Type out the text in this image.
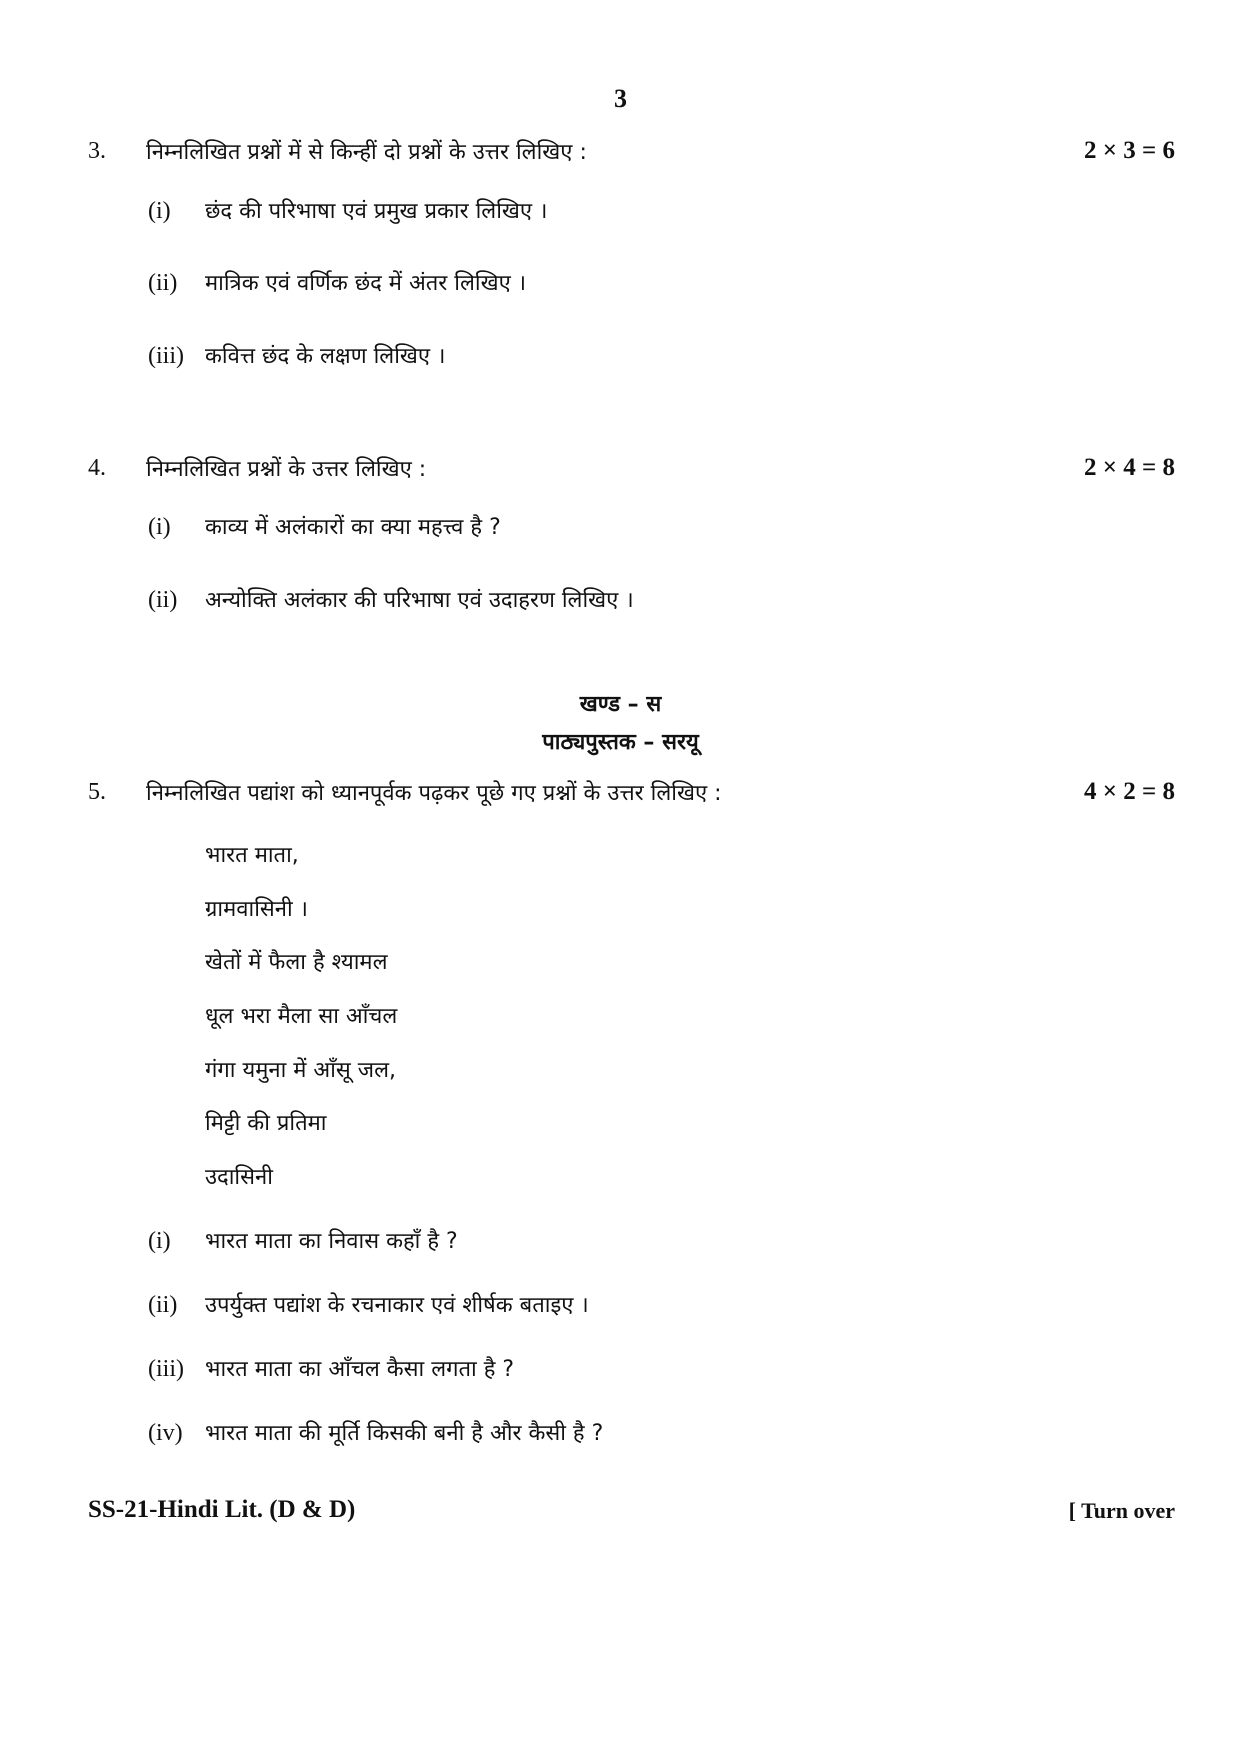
3
3. निम्नलिखित प्रश्नों में से किन्हीं दो प्रश्नों के उत्तर लिखिए :	2 × 3 = 6
(i) छंद की परिभाषा एवं प्रमुख प्रकार लिखिए ।
(ii) मात्रिक एवं वर्णिक छंद में अंतर लिखिए ।
(iii) कवित्त छंद के लक्षण लिखिए ।
4. निम्नलिखित प्रश्नों के उत्तर लिखिए :	2 × 4 = 8
(i) काव्य में अलंकारों का क्या महत्त्व है ?
(ii) अन्योक्ति अलंकार की परिभाषा एवं उदाहरण लिखिए ।
खण्ड – स
पाठ्यपुस्तक – सरयू
5. निम्नलिखित पद्यांश को ध्यानपूर्वक पढ़कर पूछे गए प्रश्नों के उत्तर लिखिए :	4 × 2 = 8
भारत माता,
ग्रामवासिनी ।
खेतों में फैला है श्यामल
धूल भरा मैला सा आँचल
गंगा यमुना में आँसू जल,
मिट्टी की प्रतिमा
उदासिनी
(i) भारत माता का निवास कहाँ है ?
(ii) उपर्युक्त पद्यांश के रचनाकार एवं शीर्षक बताइए ।
(iii) भारत माता का आँचल कैसा लगता है ?
(iv) भारत माता की मूर्ति किसकी बनी है और कैसी है ?
SS-21-Hindi Lit. (D & D)	[ Turn over
